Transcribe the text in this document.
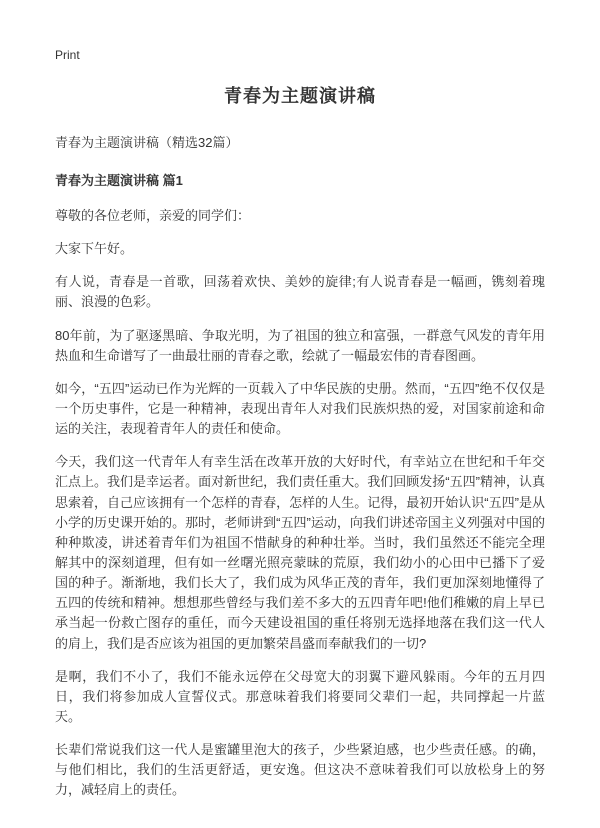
Print
青春为主题演讲稿
青春为主题演讲稿（精选32篇）
青春为主题演讲稿 篇1
尊敬的各位老师，亲爱的同学们：
大家下午好。
有人说，青春是一首歌，回荡着欢快、美妙的旋律;有人说青春是一幅画，镌刻着瑰丽、浪漫的色彩。
80年前，为了驱逐黑暗、争取光明，为了祖国的独立和富强，一群意气风发的青年用热血和生命谱写了一曲最壮丽的青春之歌，绘就了一幅最宏伟的青春图画。
如今，“五四”运动已作为光辉的一页载入了中华民族的史册。然而，“五四”绝不仅仅是一个历史事件，它是一种精神，表现出青年人对我们民族炽热的爱，对国家前途和命运的关注，表现着青年人的责任和使命。
今天，我们这一代青年人有幸生活在改革开放的大好时代，有幸站立在世纪和千年交汇点上。我们是幸运者。面对新世纪，我们责任重大。我们回顾发扬“五四”精神，认真思索着，自己应该拥有一个怎样的青春，怎样的人生。记得，最初开始认识“五四”是从小学的历史课开始的。那时，老师讲到“五四”运动，向我们讲述帝国主义列强对中国的种种欺凌，讲述着青年们为祖国不惜献身的种种壮举。当时，我们虽然还不能完全理解其中的深刻道理，但有如一丝曙光照亮蒙昧的荒原，我们幼小的心田中已播下了爱国的种子。渐渐地，我们长大了，我们成为风华正茂的青年，我们更加深刻地懂得了五四的传统和精神。想想那些曾经与我们差不多大的五四青年吧!他们稚嫩的肩上早已承当起一份救亡图存的重任，而今天建设祖国的重任将别无选择地落在我们这一代人的肩上，我们是否应该为祖国的更加繁荣昌盛而奉献我们的一切?
是啊，我们不小了，我们不能永远停在父母宽大的羽翼下避风躲雨。今年的五月四日，我们将参加成人宣誓仪式。那意味着我们将要同父辈们一起，共同撑起一片蓝天。
长辈们常说我们这一代人是蜜罐里泡大的孩子，少些紧迫感，也少些责任感。的确，与他们相比，我们的生活更舒适，更安逸。但这决不意味着我们可以放松身上的努力，减轻肩上的责任。
